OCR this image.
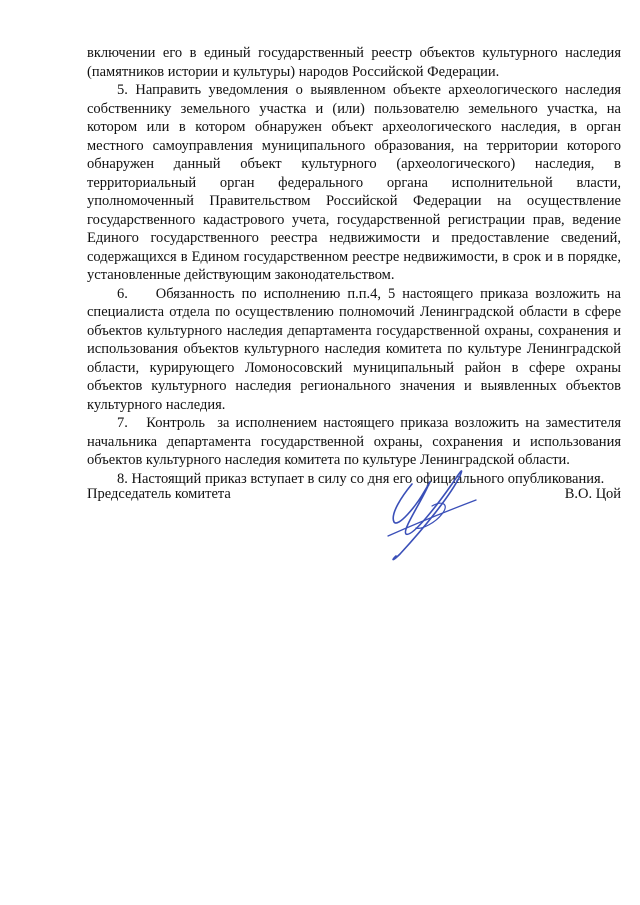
включении его в единый государственный реестр объектов культурного наследия (памятников истории и культуры) народов Российской Федерации.

5. Направить уведомления о выявленном объекте археологического наследия собственнику земельного участка и (или) пользователю земельного участка, на котором или в котором обнаружен объект археологического наследия, в орган местного самоуправления муниципального образования, на территории которого обнаружен данный объект культурного (археологического) наследия, в территориальный орган федерального органа исполнительной власти, уполномоченный Правительством Российской Федерации на осуществление государственного кадастрового учета, государственной регистрации прав, ведение Единого государственного реестра недвижимости и предоставление сведений, содержащихся в Едином государственном реестре недвижимости, в срок и в порядке, установленные действующим законодательством.

6.    Обязанность по исполнению п.п.4, 5 настоящего приказа возложить на специалиста отдела по осуществлению полномочий Ленинградской области в сфере объектов культурного наследия департамента государственной охраны, сохранения и использования объектов культурного наследия комитета по культуре Ленинградской области, курирующего Ломоносовский муниципальный район в сфере охраны объектов культурного наследия регионального значения и выявленных объектов культурного наследия.

7.   Контроль  за исполнением настоящего приказа возложить на заместителя начальника департамента государственной охраны, сохранения и использования объектов культурного наследия комитета по культуре Ленинградской области.

8. Настоящий приказ вступает в силу со дня его официального опубликования.

Председатель комитета	В.О. Цой
